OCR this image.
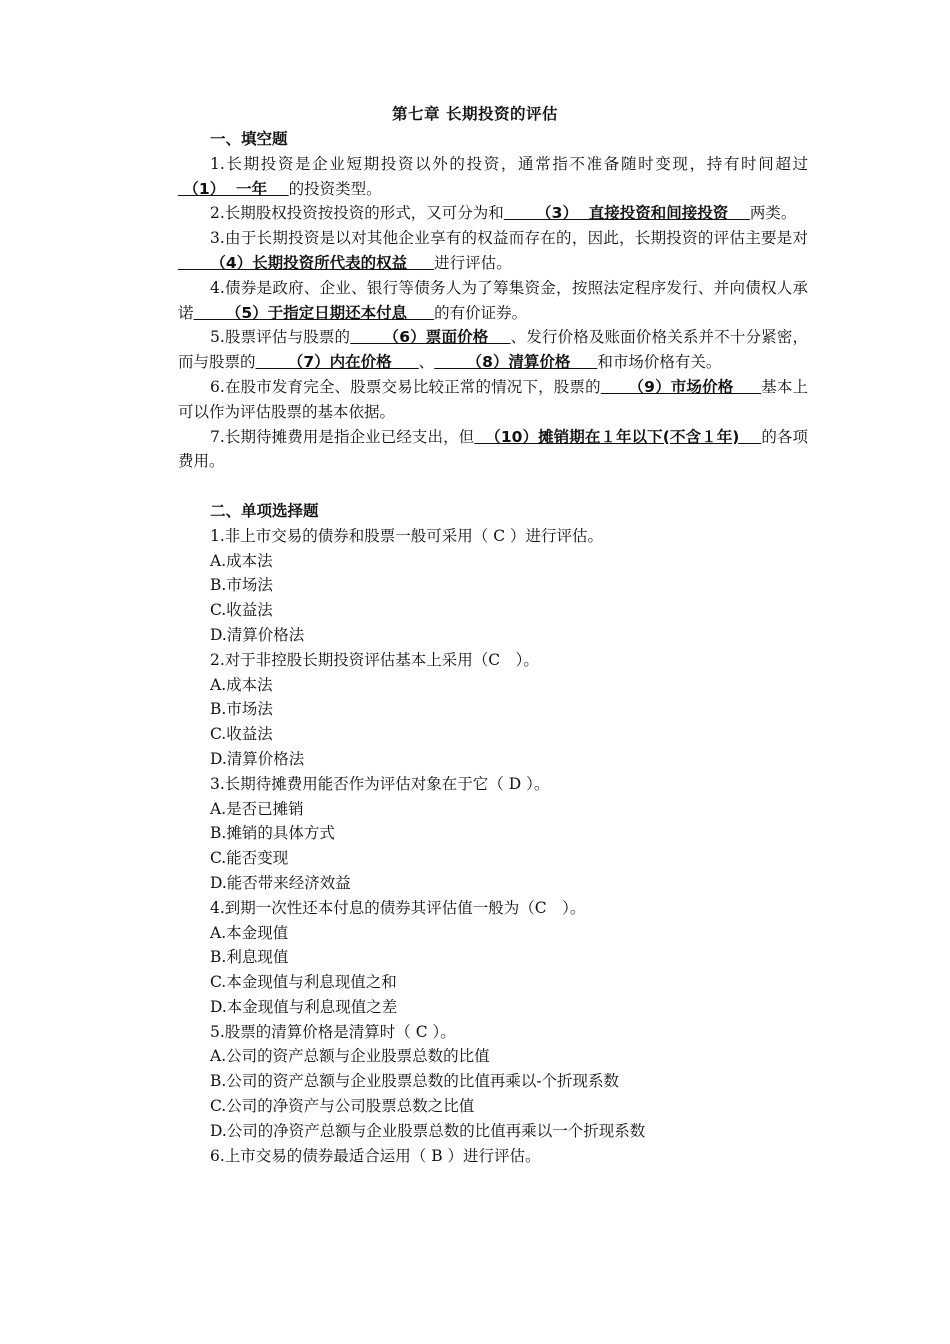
第七章 长期投资的评估
一、填空题
1.长期投资是企业短期投资以外的投资，通常指不准备随时变现，持有时间超过 （1）  一年    的投资类型。
2.长期股权投资按投资的形式，又可分为和      （3）  直接投资和间接投资    两类。
3.由于长期投资是以对其他企业享有的权益而存在的，因此，长期投资的评估主要是对      （4）长期投资所代表的权益     进行评估。
4.债券是政府、企业、银行等债务人为了筹集资金，按照法定程序发行、并向债权人承诺      （5）于指定日期还本付息     的有价证券。
5.股票评估与股票的      （6）票面价格    、发行价格及账面价格关系并不十分紧密，而与股票的      （7）内在价格     、      （8）清算价格     和市场价格有关。
6.在股市发育完全、股票交易比较正常的情况下，股票的     （9）市场价格     基本上可以作为评估股票的基本依据。
7.长期待摊费用是指企业已经支出，但  （10）摊销期在１年以下(不含１年)    的各项费用。
二、单项选择题
1.非上市交易的债券和股票一般可采用（ C ）进行评估。
A.成本法
B.市场法
C.收益法
D.清算价格法
2.对于非控股长期投资评估基本上采用（C　）。
A.成本法
B.市场法
C.收益法
D.清算价格法
3.长期待摊费用能否作为评估对象在于它（ D ）。
A.是否已摊销
B.摊销的具体方式
C.能否变现
D.能否带来经济效益
4.到期一次性还本付息的债券其评估值一般为（C　）。
A.本金现值
B.利息现值
C.本金现值与利息现值之和
D.本金现值与利息现值之差
5.股票的清算价格是清算时（ C ）。
A.公司的资产总额与企业股票总数的比值
B.公司的资产总额与企业股票总数的比值再乘以-个折现系数
C.公司的净资产与公司股票总数之比值
D.公司的净资产总额与企业股票总数的比值再乘以一个折现系数
6.上市交易的债券最适合运用（ B ）进行评估。
